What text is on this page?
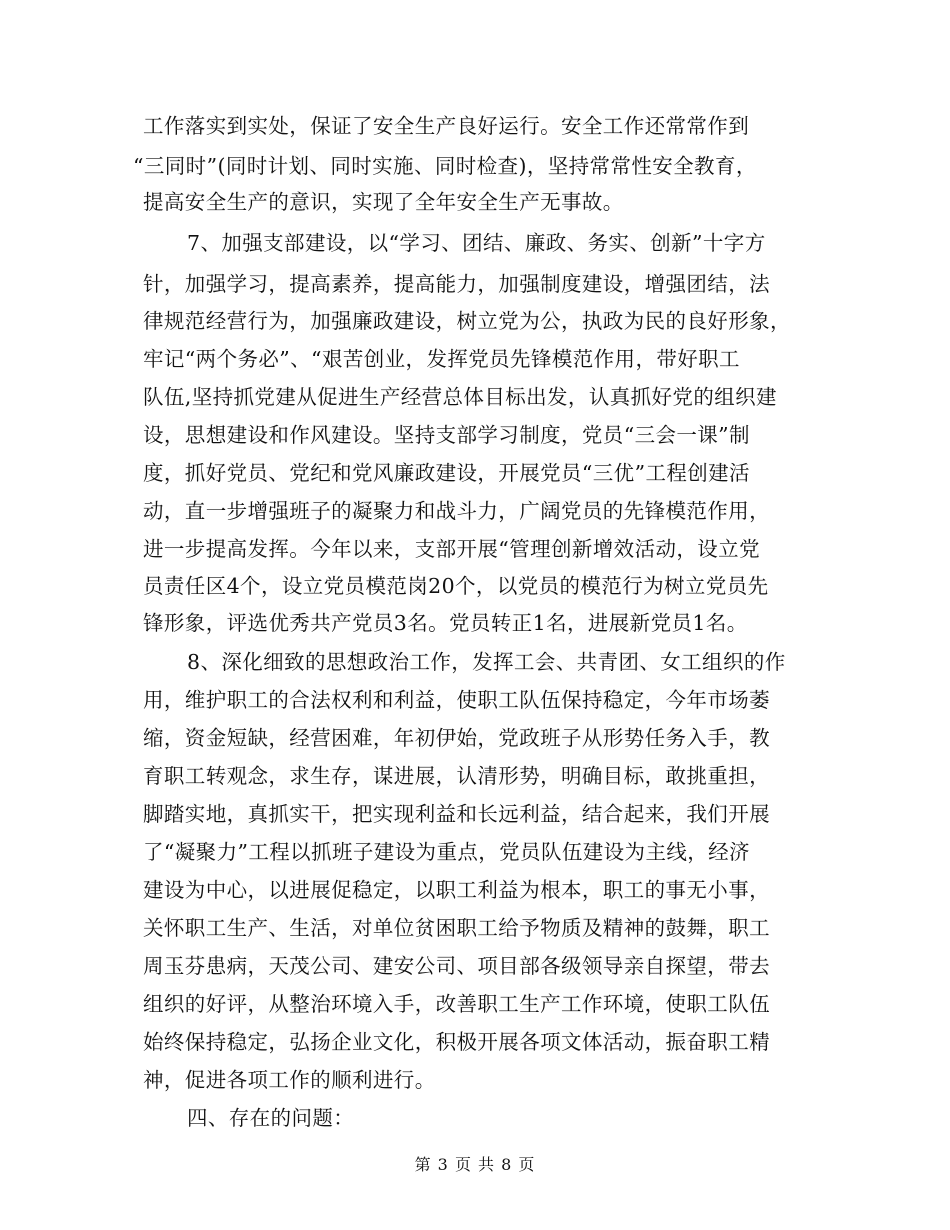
工作落实到实处，保证了安全生产良好运行。安全工作还常常作到
“三同时”(同时计划、同时实施、同时检查)，坚持常常性安全教育，
提高安全生产的意识，实现了全年安全生产无事故。
7、加强支部建设，以“学习、团结、廉政、务实、创新”十字方
针，加强学习，提高素养，提高能力，加强制度建设，增强团结，法
律规范经营行为，加强廉政建设，树立党为公，执政为民的良好形象，
牢记“两个务必”、“艰苦创业，发挥党员先锋模范作用，带好职工
队伍,坚持抓党建从促进生产经营总体目标出发，认真抓好党的组织建
设，思想建设和作风建设。坚持支部学习制度，党员“三会一课”制
度，抓好党员、党纪和党风廉政建设，开展党员“三优”工程创建活
动，直一步增强班子的凝聚力和战斗力，广阔党员的先锋模范作用，
进一步提高发挥。今年以来，支部开展“管理创新增效活动，设立党
员责任区4个，设立党员模范岗20个，以党员的模范行为树立党员先
锋形象，评选优秀共产党员3名。党员转正1名，进展新党员1名。
8、深化细致的思想政治工作，发挥工会、共青团、女工组织的作
用，维护职工的合法权利和利益，使职工队伍保持稳定，今年市场萎
缩，资金短缺，经营困难，年初伊始，党政班子从形势任务入手，教
育职工转观念，求生存，谋进展，认清形势，明确目标，敢挑重担，
脚踏实地，真抓实干，把实现利益和长远利益，结合起来，我们开展
了“凝聚力”工程以抓班子建设为重点，党员队伍建设为主线，经济
建设为中心，以进展促稳定，以职工利益为根本，职工的事无小事，
关怀职工生产、生活，对单位贫困职工给予物质及精神的鼓舞，职工
周玉芬患病，天茂公司、建安公司、项目部各级领导亲自探望，带去
组织的好评，从整治环境入手，改善职工生产工作环境，使职工队伍
始终保持稳定，弘扬企业文化，积极开展各项文体活动，振奋职工精
神，促进各项工作的顺利进行。
四、存在的问题：
第 3 页 共 8 页
